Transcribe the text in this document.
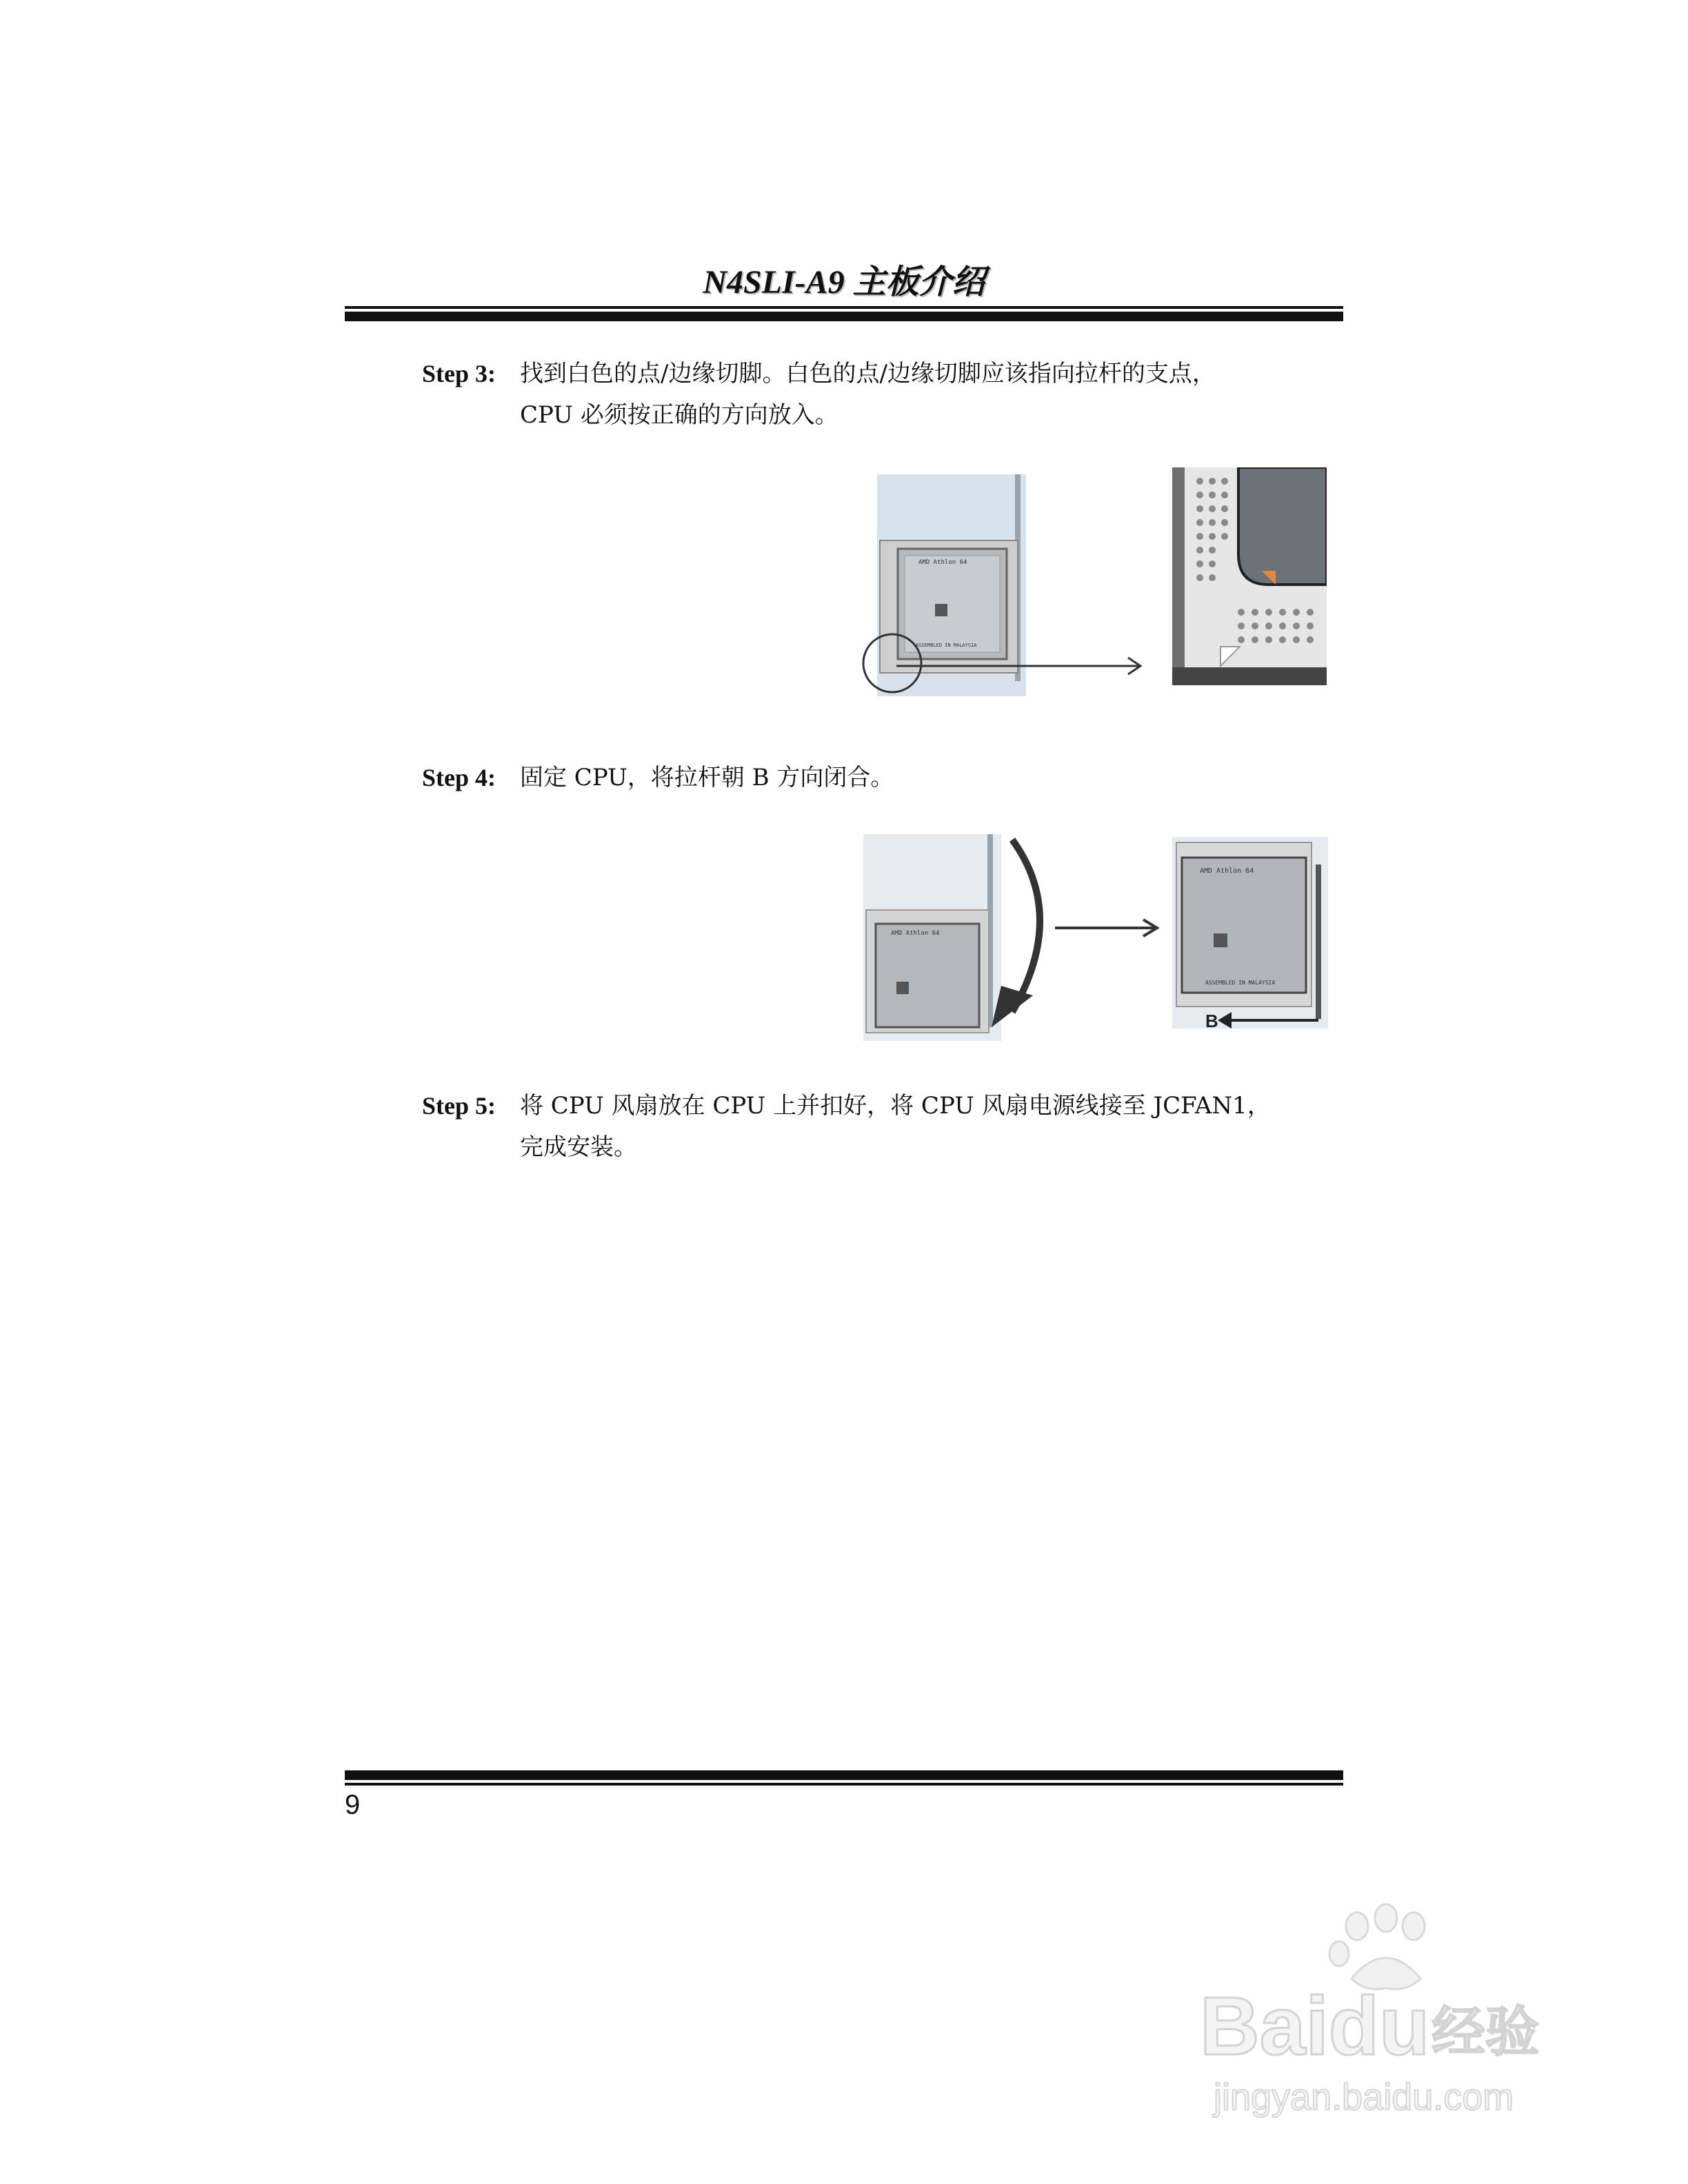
N4SLI-A9 主板介绍
Step 3:	找到白色的点/边缘切脚。白色的点/边缘切脚应该指向拉杆的支点，
CPU 必须按正确的方向放入。
AMD Athlon 64
ASSEMBLED IN MALAYSIA
Step 4:	固定 CPU，将拉杆朝 B 方向闭合。
AMD Athlon 64
AMD Athlon 64
ASSEMBLED IN MALAYSIA
B
Step 5:	将 CPU 风扇放在 CPU 上并扣好，将 CPU 风扇电源线接至 JCFAN1，
完成安装。
9
Baidu 经验
jingyan.baidu.com
